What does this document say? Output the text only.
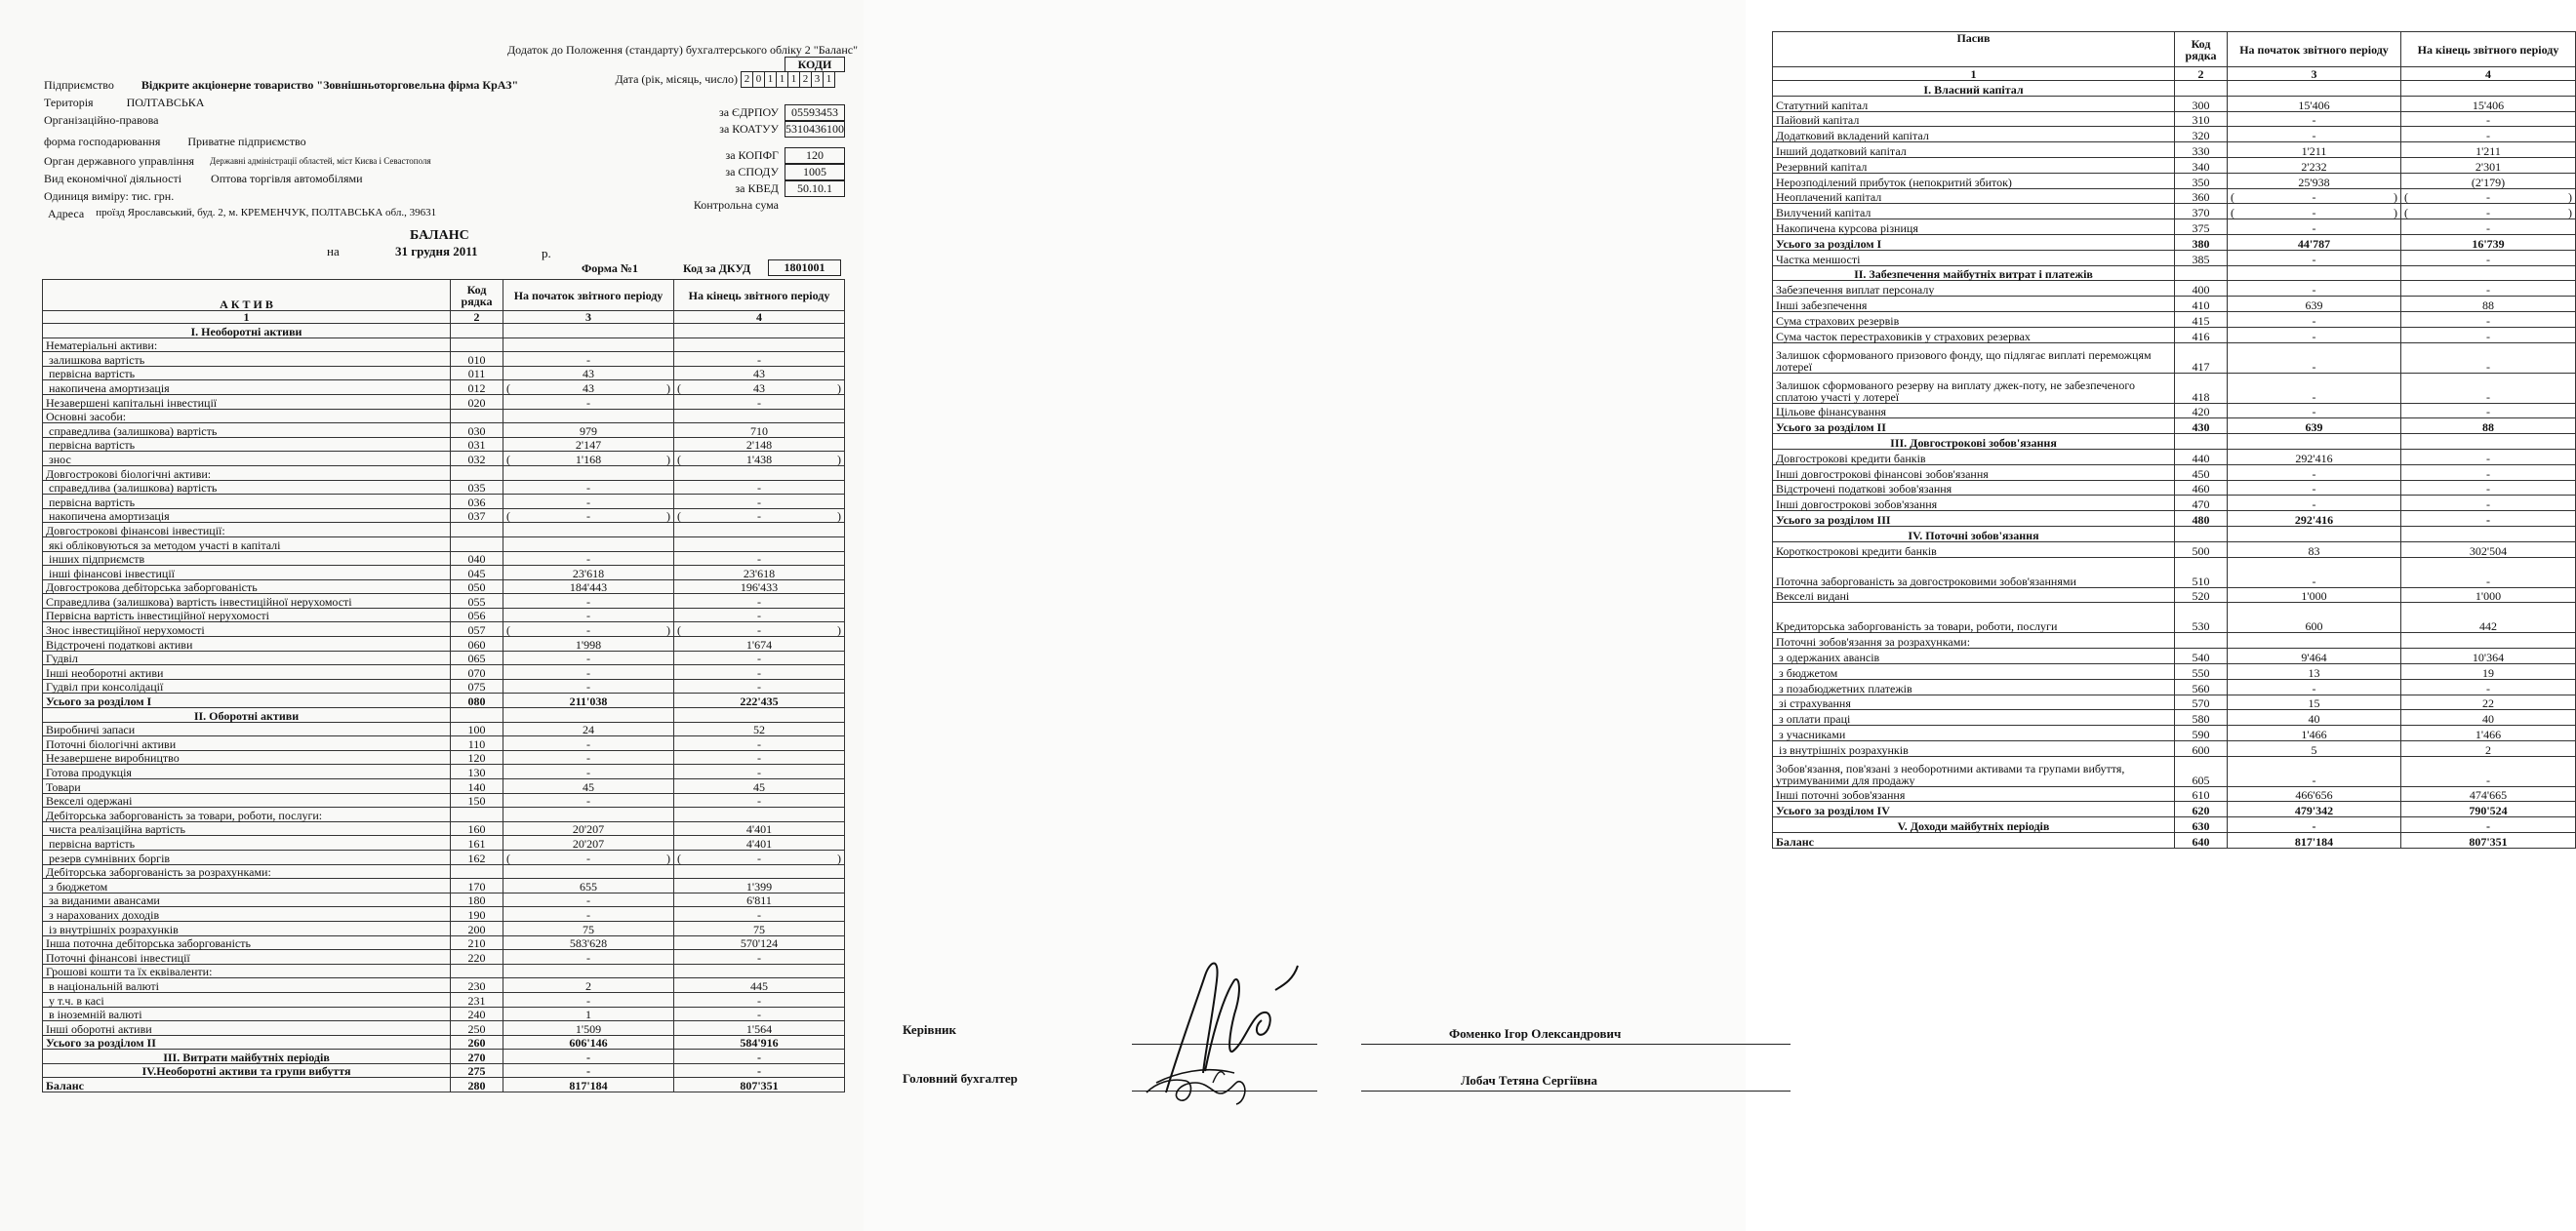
Додаток до Положення (стандарту) бухгалтерського обліку 2 "Баланс"
КОДИ
Дата (рік, місяць, число) 2 0 1 1 1 2 3 1
за ЄДРПОУ	05593453
за КОАТУУ 5310436100
за КОПФГ	120
за СПОДУ	1005
за КВЕД	50.10.1
Контрольна сума
Підприємство Відкрите акціонерне товариство "Зовнішньоторговельна фірма КрАЗ"
Територія	ПОЛТАВСЬКА
Організаційно-правова
форма господарювання Приватне підприємство
Орган державного управління Державні адміністрації областей, міст Києва і Севастополя
Вид економічної діяльності	Оптова торгівля автомобілями
Одиниця виміру: тис. грн.
Адреса проїзд Ярославський, буд. 2, м. КРЕМЕНЧУК, ПОЛТАВСЬКА обл., 39631
БАЛАНС
на	31 грудня 2011	р.
Форма №1	Код за ДКУД	1801001
А К Т И В	Код рядка	На початок звітного періоду	На кінець звітного періоду
1	2	3	4
I. Необоротні активи			
Нематеріальні активи:			
залишкова вартість	010	-	-
первісна вартість	011	43	43
накопичена амортизація	012	( 43 )	( 43 )

Незавершені капітальні інвестиції	020	-	-
Основні засоби:			
справедлива (залишкова) вартість	030	979	710
первісна вартість	031	2'147	2'148
знос	032	( 1'168 )	( 1'438 )

Довгострокові біологічні активи:			
справедлива (залишкова) вартість	035	-	-
первісна вартість	036	-	-
накопичена амортизація	037	( - )	( - )

Довгострокові фінансові інвестиції:			
які обліковуються за методом участі в капіталі			
інших підприємств	040	-	-
інші фінансові інвестиції	045	23'618	23'618
Довгострокова дебіторська заборгованість	050	184'443	196'433
Справедлива (залишкова) вартість інвестиційної нерухомості	055	-	-
Первісна вартість інвестиційної нерухомості	056	-	-
Знос інвестиційної нерухомості	057	( - )	( - )

Відстрочені податкові активи	060	1'998	1'674
Гудвіл	065	-	-
Інші необоротні активи	070	-	-
Гудвіл при консолідації	075	-	-
Усього за розділом I	080	211'038	222'435
II. Оборотні активи			
Виробничі запаси	100	24	52
Поточні біологічні активи	110	-	-
Незавершене виробництво	120	-	-
Готова продукція	130	-	-
Товари	140	45	45
Векселі одержані	150	-	-
Дебіторська заборгованість за товари, роботи, послуги:			
чиста реалізаційна вартість	160	20'207	4'401
первісна вартість	161	20'207	4'401
резерв сумнівних боргів	162	( - )	( - )

Дебіторська заборгованість за розрахунками:			
з бюджетом	170	655	1'399
за виданими авансами	180	-	6'811
з нарахованих доходів	190	-	-
із внутрішніх розрахунків	200	75	75
Інша поточна дебіторська заборгованість	210	583'628	570'124
Поточні фінансові інвестиції	220	-	-
Грошові кошти та їх еквіваленти:			
в національній валюті	230	2	445
у т.ч. в касі	231	-	-
в іноземній валюті	240	1	-
Інші оборотні активи	250	1'509	1'564
Усього за розділом II	260	606'146	584'916
III. Витрати майбутніх періодів	270	-	-
IV.Необоротні активи та групи вибуття	275	-	-
Баланс	280	817'184	807'351
Пасив	Код рядка	На початок звітного періоду	На кінець звітного періоду
1	2	3	4
I. Власний капітал			
Статутний капітал	300	15'406	15'406
Пайовий капітал	310	-	-
Додатковий вкладений капітал	320	-	-
Інший додатковий капітал	330	1'211	1'211
Резервний капітал	340	2'232	2'301
Нерозподілений прибуток (непокритий збиток)	350	25'938	(2'179)
Неоплачений капітал	360	( - )	( - )

Вилучений капітал	370	( - )	( - )

Накопичена курсова різниця	375	-	-
Усього за розділом I	380	44'787	16'739
Частка меншості	385	-	-
II. Забезпечення майбутніх витрат і платежів			
Забезпечення виплат персоналу	400	-	-
Інші забезпечення	410	639	88
Сума страхових резервів	415	-	-
Сума часток перестраховиків у страхових резервах	416	-	-
Залишок сформованого призового фонду, що підлягає виплаті переможцям лотереї	417	-	-
Залишок сформованого резерву на виплату джек-поту, не забезпеченого сплатою участі у лотереї	418	-	-
Цільове фінансування	420	-	-
Усього за розділом II	430	639	88
III. Довгострокові зобов'язання			
Довгострокові кредити банків	440	292'416	-
Інші довгострокові фінансові зобов'язання	450	-	-
Відстрочені податкові зобов'язання	460	-	-
Інші довгострокові зобов'язання	470	-	-
Усього за розділом III	480	292'416	-
IV. Поточні зобов'язання			
Короткострокові кредити банків	500	83	302'504
Поточна заборгованість за довгостроковими зобов'язаннями	510	-	-
Векселі видані	520	1'000	1'000
Кредиторська заборгованість за товари, роботи, послуги	530	600	442
Поточні зобов'язання за розрахунками:			
з одержаних авансів	540	9'464	10'364
з бюджетом	550	13	19
з позабюджетних платежів	560	-	-
зі страхування	570	15	22
з оплати праці	580	40	40
з учасниками	590	1'466	1'466
із внутрішніх розрахунків	600	5	2
Зобов'язання, пов'язані з необоротними активами та групами вибуття, утримуваними для продажу	605	-	-
Інші поточні зобов'язання	610	466'656	474'665
Усього за розділом IV	620	479'342	790'524
V. Доходи майбутніх періодів	630	-	-
Баланс	640	817'184	807'351
Керівник	Фоменко Ігор Олександрович
Головний бухгалтер	Лобач Тетяна Сергіївна
